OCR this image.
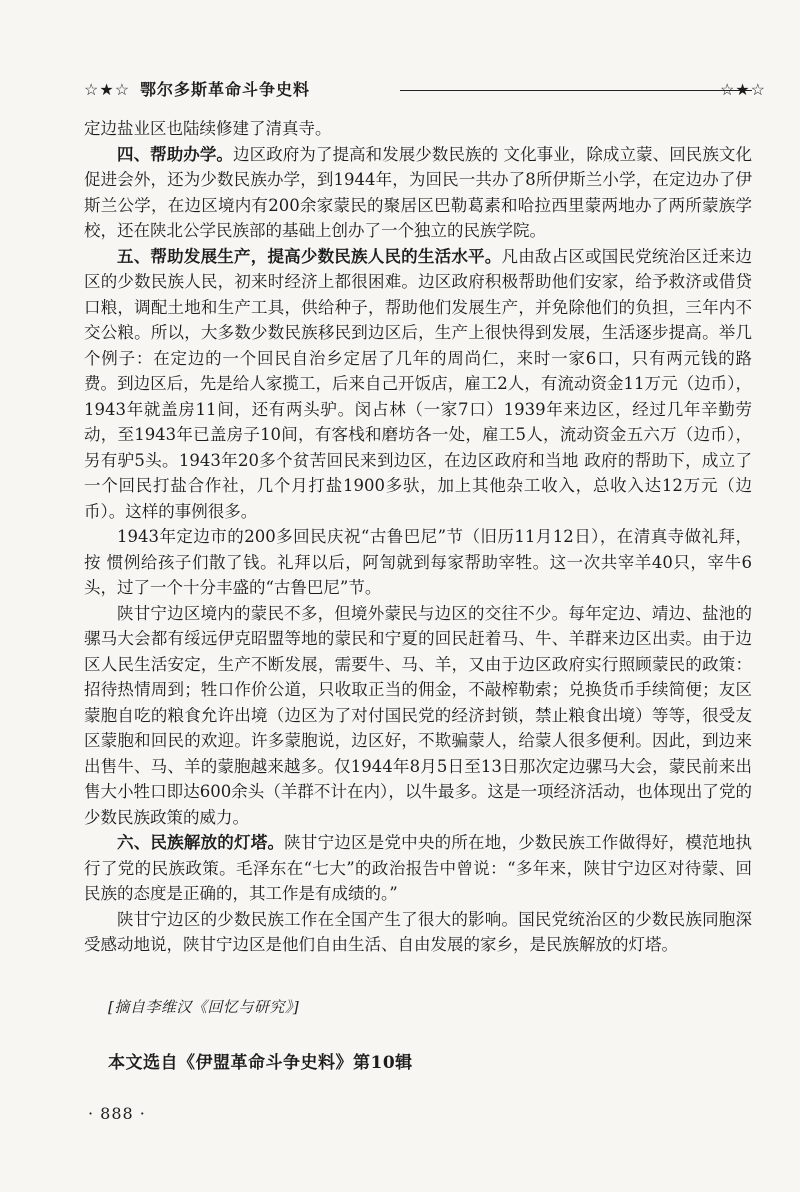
☆★☆ 鄂尔多斯革命斗争史料	☆★☆

定边盐业区也陆续修建了清真寺。

四、帮助办学。边区政府为了提高和发展少数民族的 文化事业，除成立蒙、回民族文化促进会外，还为少数民族办学，到1944年，为回民一共办了8所伊斯兰小学，在定边办了伊斯兰公学，在边区境内有200余家蒙民的聚居区巴勒葛素和哈拉西里蒙两地办了两所蒙族学校，还在陕北公学民族部的基础上创办了一个独立的民族学院。

五、帮助发展生产，提高少数民族人民的生活水平。凡由敌占区或国民党统治区迁来边区的少数民族人民，初来时经济上都很困难。边区政府积极帮助他们安家，给予救济或借贷口粮，调配土地和生产工具，供给种子，帮助他们发展生产，并免除他们的负担，三年内不交公粮。所以，大多数少数民族移民到边区后，生产上很快得到发展，生活逐步提高。举几个例子：在定边的一个回民自治乡定居了几年的周尚仁，来时一家6口，只有两元钱的路费。到边区后，先是给人家揽工，后来自己开饭店，雇工2人，有流动资金11万元（边币），1943年就盖房11间，还有两头驴。闵占林（一家7口）1939年来边区，经过几年辛勤劳动，至1943年已盖房子10间，有客栈和磨坊各一处，雇工5人，流动资金五六万（边币），另有驴5头。1943年20多个贫苦回民来到边区，在边区政府和当地 政府的帮助下，成立了一个回民打盐合作社，几个月打盐1900多驮，加上其他杂工收入，总收入达12万元（边币）。这样的事例很多。

1943年定边市的200多回民庆祝“古鲁巴尼”节（旧历11月12日），在清真寺做礼拜，按 惯例给孩子们散了钱。礼拜以后，阿訇就到每家帮助宰牲。这一次共宰羊40只，宰牛6头，过了一个十分丰盛的“古鲁巴尼”节。

陕甘宁边区境内的蒙民不多，但境外蒙民与边区的交往不少。每年定边、靖边、盐池的骡马大会都有绥远伊克昭盟等地的蒙民和宁夏的回民赶着马、牛、羊群来边区出卖。由于边区人民生活安定，生产不断发展，需要牛、马、羊，又由于边区政府实行照顾蒙民的政策：招待热情周到；牲口作价公道，只收取正当的佣金，不敲榨勒索；兑换货币手续简便；友区蒙胞自吃的粮食允许出境（边区为了对付国民党的经济封锁，禁止粮食出境）等等，很受友区蒙胞和回民的欢迎。许多蒙胞说，边区好，不欺骗蒙人，给蒙人很多便利。因此，到边来出售牛、马、羊的蒙胞越来越多。仅1944年8月5日至13日那次定边骡马大会，蒙民前来出售大小牲口即达600余头（羊群不计在内），以牛最多。这是一项经济活动，也体现出了党的少数民族政策的威力。

六、民族解放的灯塔。陕甘宁边区是党中央的所在地，少数民族工作做得好，模范地执行了党的民族政策。毛泽东在“七大”的政治报告中曾说：“多年来，陕甘宁边区对待蒙、回民族的态度是正确的，其工作是有成绩的。”

陕甘宁边区的少数民族工作在全国产生了很大的影响。国民党统治区的少数民族同胞深受感动地说，陕甘宁边区是他们自由生活、自由发展的家乡，是民族解放的灯塔。

[摘自李维汉《回忆与研究》]
本文选自《伊盟革命斗争史料》第10辑
· 888 ·
